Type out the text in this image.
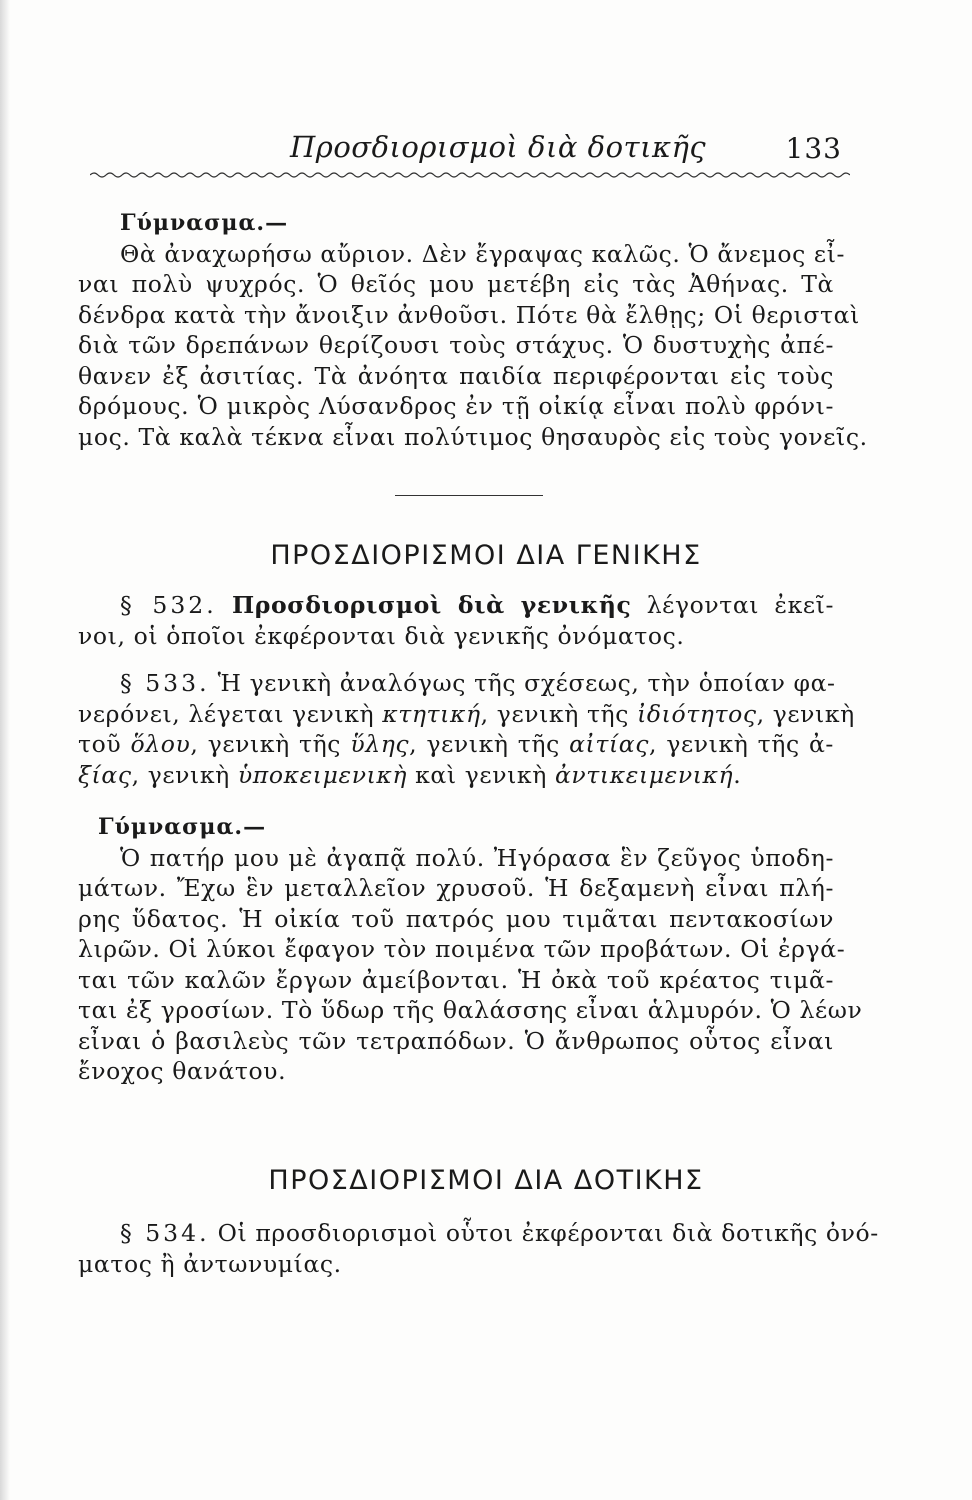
Προσδιορισμοὶ διὰ δοτικῆς	133
Γύμνασμα.—
Θὰ ἀναχωρήσω αὔριον. Δὲν ἔγραψας καλῶς. Ὁ ἄνεμος εἶ-
ναι πολὺ ψυχρός. Ὁ θεῖός μου μετέβη εἰς τὰς Ἀθήνας. Τὰ
δένδρα κατὰ τὴν ἄνοιξιν ἀνθοῦσι. Πότε θὰ ἔλθῃς; Οἱ θερισταὶ
διὰ τῶν δρεπάνων θερίζουσι τοὺς στάχυς. Ὁ δυστυχὴς ἀπέ-
θανεν ἐξ ἀσιτίας. Τὰ ἀνόητα παιδία περιφέρονται εἰς τοὺς
δρόμους. Ὁ μικρὸς Λύσανδρος ἐν τῇ οἰκίᾳ εἶναι πολὺ φρόνι-
μος. Τὰ καλὰ τέκνα εἶναι πολύτιμος θησαυρὸς εἰς τοὺς γονεῖς.
ΠΡΟΣΔΙΟΡΙΣΜΟΙ ΔΙΑ ΓΕΝΙΚΗΣ
§ 532. Προσδιορισμοὶ διὰ γενικῆς λέγονται ἐκεῖ-
νοι, οἱ ὁποῖοι ἐκφέρονται διὰ γενικῆς ὀνόματος.
§ 533. Ἡ γενικὴ ἀναλόγως τῆς σχέσεως, τὴν ὁποίαν φα-
νερόνει, λέγεται γενικὴ κτητική, γενικὴ τῆς ἰδιότητος, γενικὴ
τοῦ ὅλου, γενικὴ τῆς ὕλης, γενικὴ τῆς αἰτίας, γενικὴ τῆς ἀ-
ξίας, γενικὴ ὑποκειμενικὴ καὶ γενικὴ ἀντικειμενική.
Γύμνασμα.—
Ὁ πατήρ μου μὲ ἀγαπᾷ πολύ. Ἠγόρασα ἓν ζεῦγος ὑποδη-
μάτων. Ἔχω ἓν μεταλλεῖον χρυσοῦ. Ἡ δεξαμενὴ εἶναι πλή-
ρης ὕδατος. Ἡ οἰκία τοῦ πατρός μου τιμᾶται πεντακοσίων
λιρῶν. Οἱ λύκοι ἔφαγον τὸν ποιμένα τῶν προβάτων. Οἱ ἐργά-
ται τῶν καλῶν ἔργων ἀμείβονται. Ἡ ὀκὰ τοῦ κρέατος τιμᾶ-
ται ἐξ γροσίων. Τὸ ὕδωρ τῆς θαλάσσης εἶναι ἁλμυρόν. Ὁ λέων
εἶναι ὁ βασιλεὺς τῶν τετραπόδων. Ὁ ἄνθρωπος οὗτος εἶναι
ἔνοχος θανάτου.
ΠΡΟΣΔΙΟΡΙΣΜΟΙ ΔΙΑ ΔΟΤΙΚΗΣ
§ 534. Οἱ προσδιορισμοὶ οὗτοι ἐκφέρονται διὰ δοτικῆς ὀνό-
ματος ἢ ἀντωνυμίας.
